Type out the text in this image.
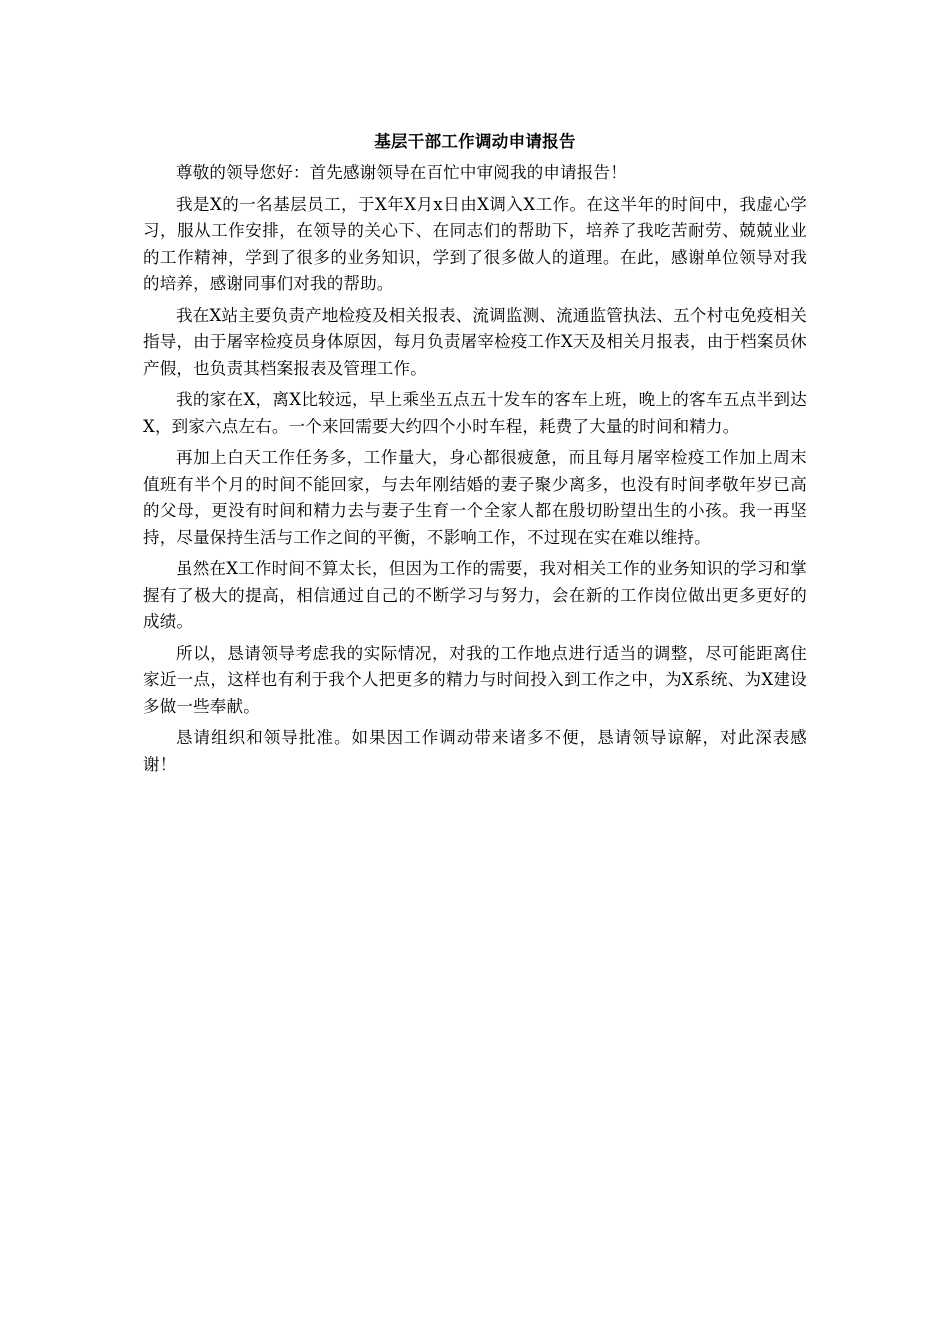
基层干部工作调动申请报告

尊敬的领导您好：首先感谢领导在百忙中审阅我的申请报告！

我是X的一名基层员工，于X年X月x日由X调入X工作。在这半年的时间中，我虚心学习，服从工作安排，在领导的关心下、在同志们的帮助下，培养了我吃苦耐劳、兢兢业业的工作精神，学到了很多的业务知识，学到了很多做人的道理。在此，感谢单位领导对我的培养，感谢同事们对我的帮助。

我在X站主要负责产地检疫及相关报表、流调监测、流通监管执法、五个村屯免疫相关指导，由于屠宰检疫员身体原因，每月负责屠宰检疫工作X天及相关月报表，由于档案员休产假，也负责其档案报表及管理工作。

我的家在X，离X比较远，早上乘坐五点五十发车的客车上班，晚上的客车五点半到达X，到家六点左右。一个来回需要大约四个小时车程，耗费了大量的时间和精力。

再加上白天工作任务多，工作量大，身心都很疲惫，而且每月屠宰检疫工作加上周末值班有半个月的时间不能回家，与去年刚结婚的妻子聚少离多，也没有时间孝敬年岁已高的父母，更没有时间和精力去与妻子生育一个全家人都在殷切盼望出生的小孩。我一再坚持，尽量保持生活与工作之间的平衡，不影响工作，不过现在实在难以维持。

虽然在X工作时间不算太长，但因为工作的需要，我对相关工作的业务知识的学习和掌握有了极大的提高，相信通过自己的不断学习与努力，会在新的工作岗位做出更多更好的成绩。

所以，恳请领导考虑我的实际情况，对我的工作地点进行适当的调整，尽可能距离住家近一点，这样也有利于我个人把更多的精力与时间投入到工作之中，为X系统、为X建设多做一些奉献。

恳请组织和领导批准。如果因工作调动带来诸多不便，恳请领导谅解，对此深表感谢！
